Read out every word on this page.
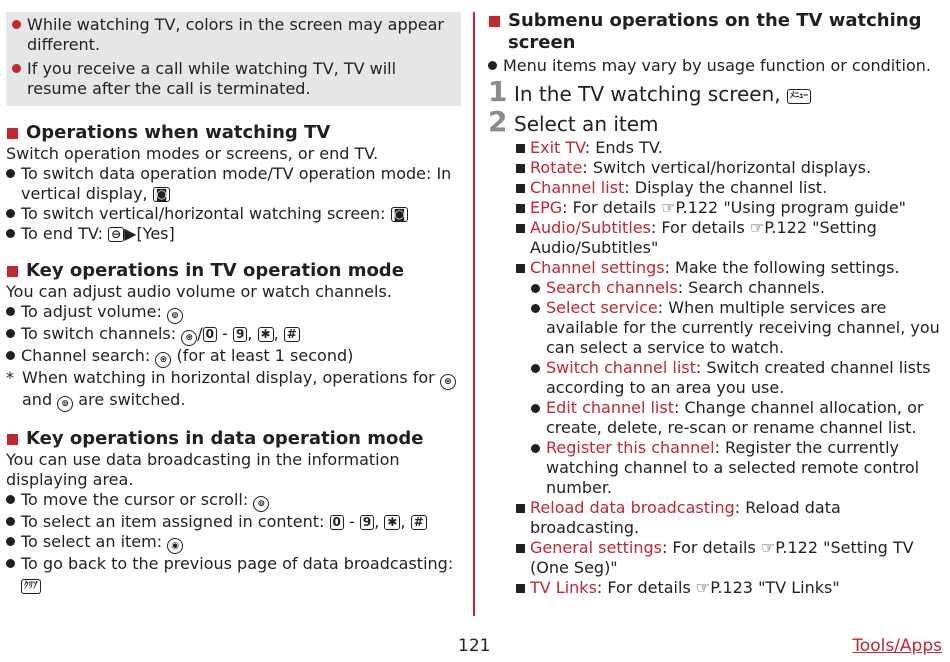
While watching TV, colors in the screen may appear different.
If you receive a call while watching TV, TV will resume after the call is terminated.
Operations when watching TV
Switch operation modes or screens, or end TV.
To switch data operation mode/TV operation mode: In vertical display, ◙
To switch vertical/horizontal watching screen: ◙
To end TV: ⊖ ▶[Yes]
Key operations in TV operation mode
You can adjust audio volume or watch channels.
To adjust volume: ⊚
To switch channels: ⊛ / 0 - 9 , ✱ , #
Channel search: ⊛ (for at least 1 second)
* When watching in horizontal display, operations for ⊛ and ⊚ are switched.
Key operations in data operation mode
You can use data broadcasting in the information displaying area.
To move the cursor or scroll: ⊚
To select an item assigned in content: 0 - 9 , ✱ , #
To select an item: ◉
To go back to the previous page of data broadcasting:
ｸﾘｱ
Submenu operations on the TV watching screen
Menu items may vary by usage function or condition.
1 In the TV watching screen, ﾒﾆｭｰ
2 Select an item
Exit TV: Ends TV.
Rotate: Switch vertical/horizontal displays.
Channel list: Display the channel list.
EPG: For details ☞P.122 "Using program guide"
Audio/Subtitles: For details ☞P.122 "Setting Audio/Subtitles"
Channel settings: Make the following settings.
Search channels: Search channels.
Select service: When multiple services are available for the currently receiving channel, you can select a service to watch.
Switch channel list: Switch created channel lists according to an area you use.
Edit channel list: Change channel allocation, or create, delete, re-scan or rename channel list.
Register this channel: Register the currently watching channel to a selected remote control number.
Reload data broadcasting: Reload data broadcasting.
General settings: For details ☞P.122 "Setting TV (One Seg)"
TV Links: For details ☞P.123 "TV Links"
121	Tools/Apps
